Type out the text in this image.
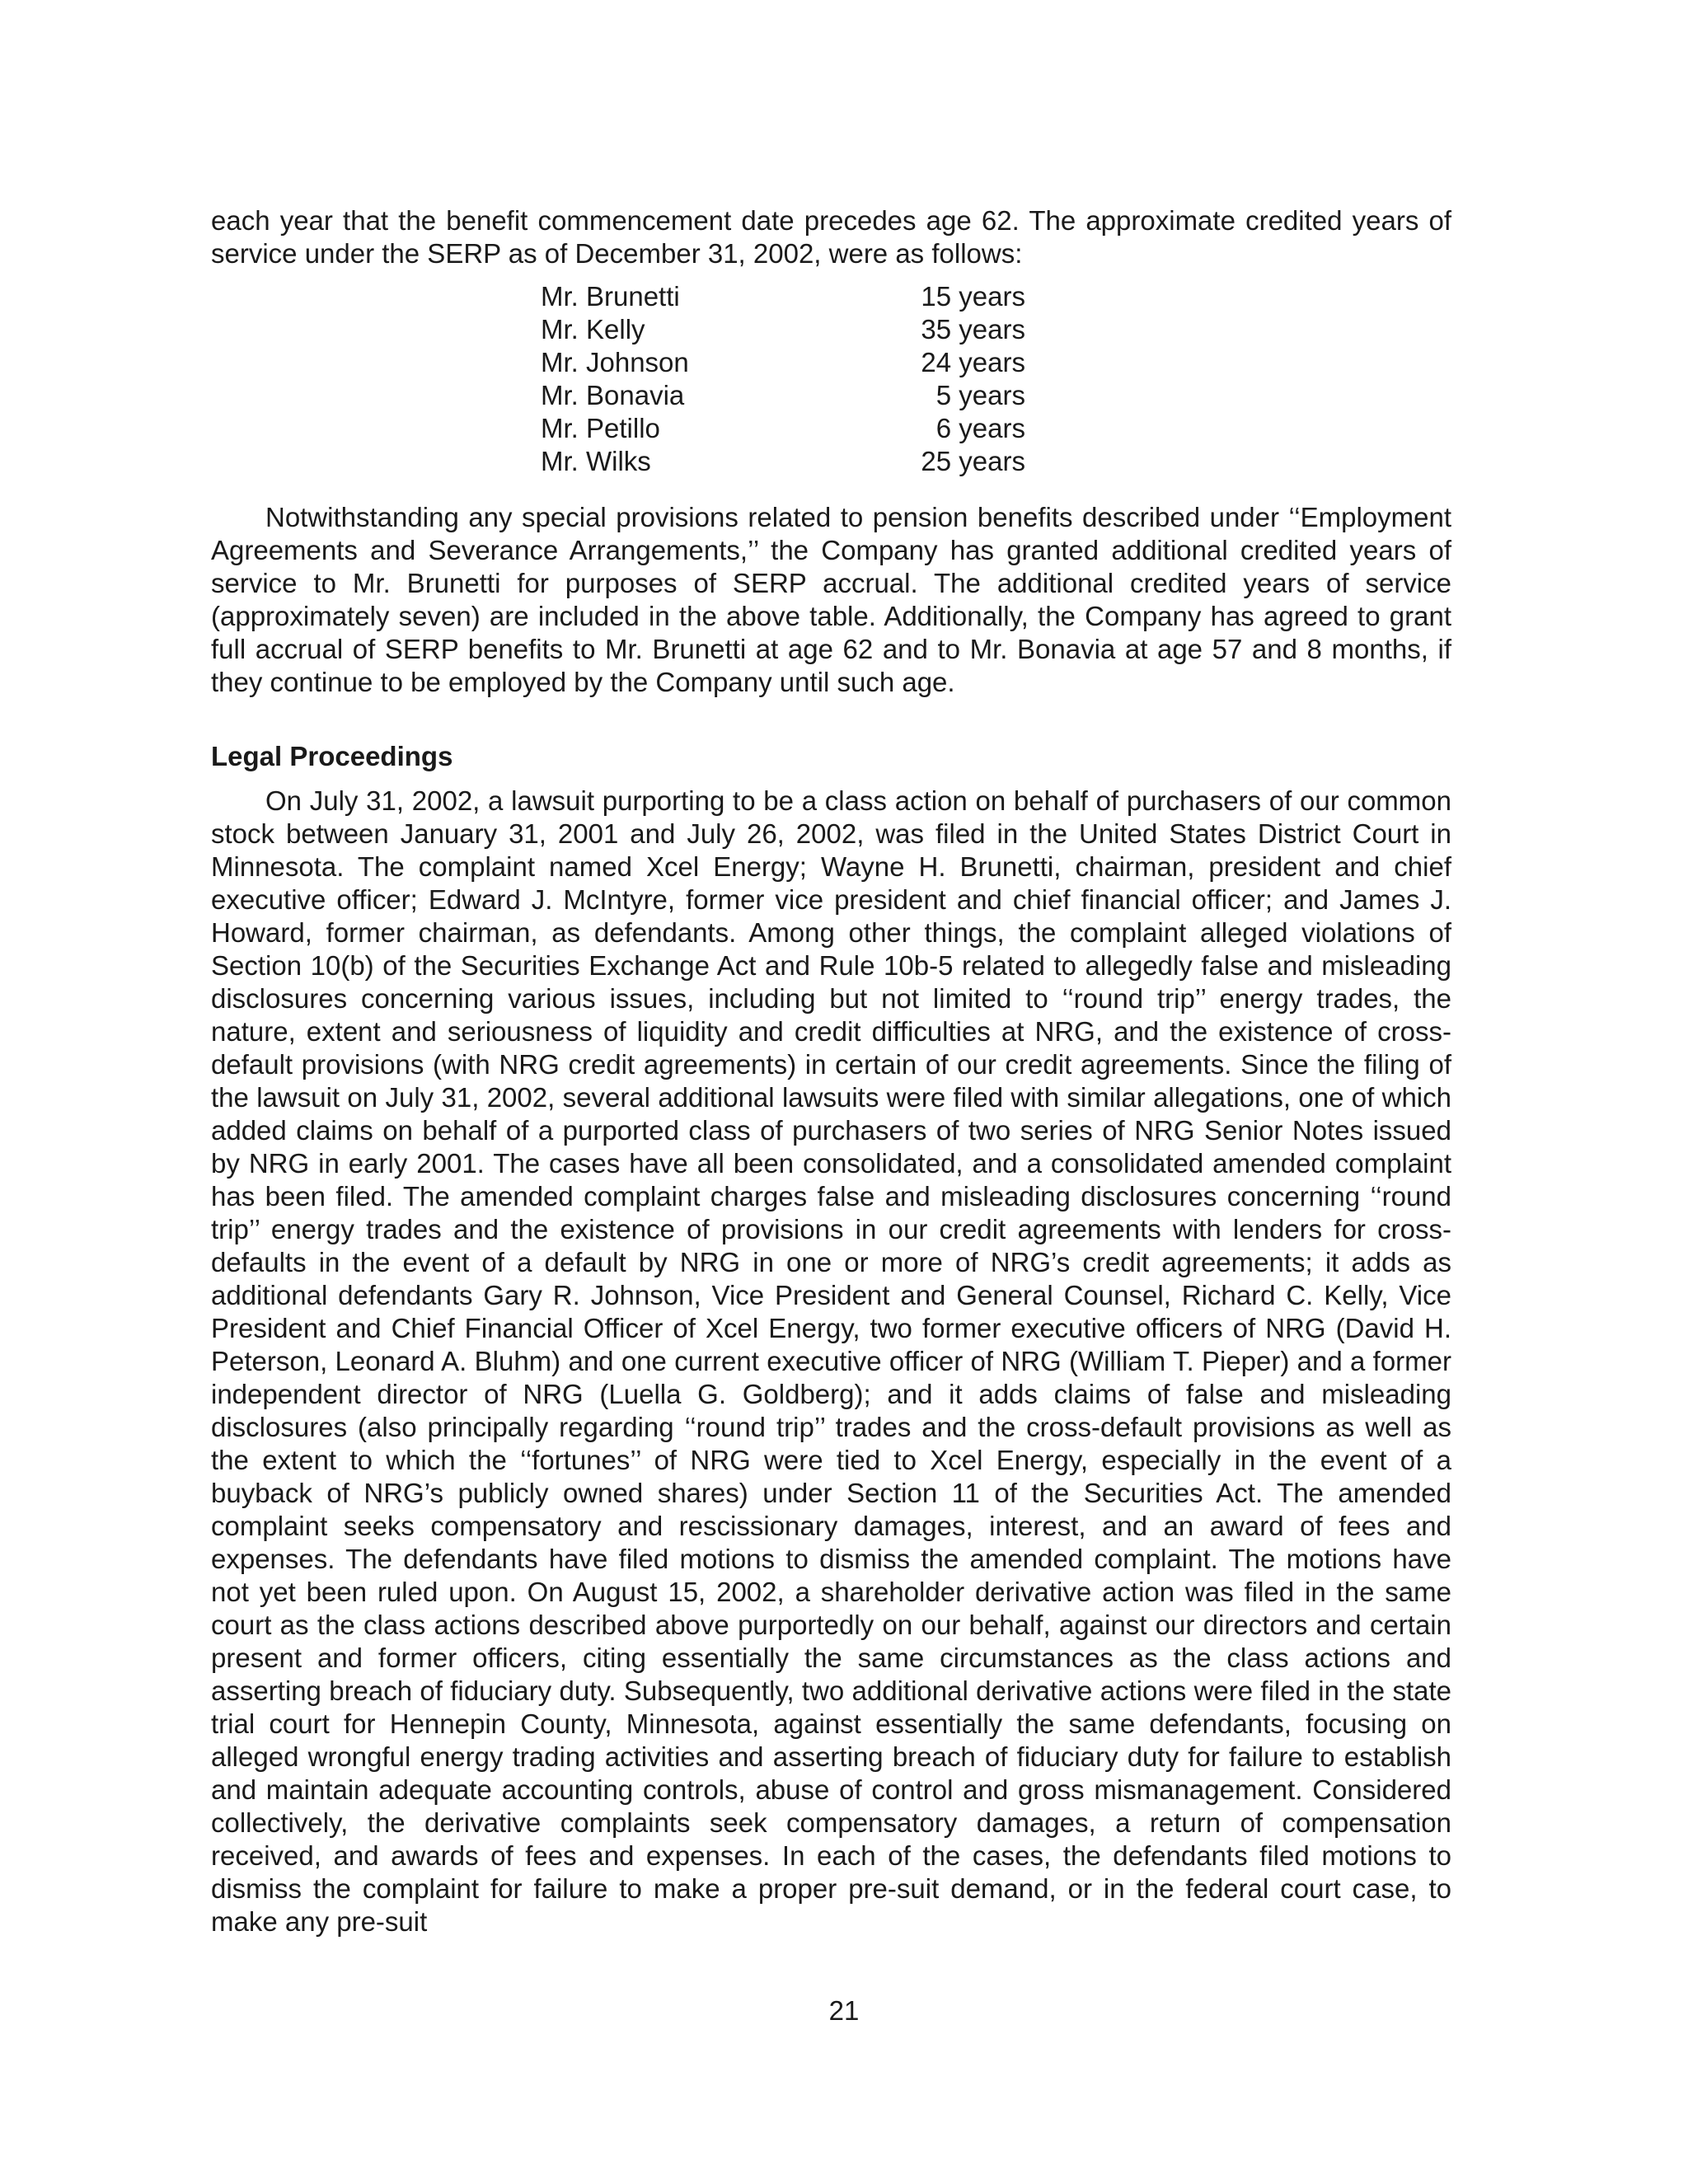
each year that the benefit commencement date precedes age 62. The approximate credited years of service under the SERP as of December 31, 2002, were as follows:

Mr. Brunetti	15 years
Mr. Kelly	35 years
Mr. Johnson	24 years
Mr. Bonavia	5 years
Mr. Petillo	6 years
Mr. Wilks	25 years

Notwithstanding any special provisions related to pension benefits described under ‘‘Employment Agreements and Severance Arrangements,’’ the Company has granted additional credited years of service to Mr. Brunetti for purposes of SERP accrual. The additional credited years of service (approximately seven) are included in the above table. Additionally, the Company has agreed to grant full accrual of SERP benefits to Mr. Brunetti at age 62 and to Mr. Bonavia at age 57 and 8 months, if they continue to be employed by the Company until such age.

Legal Proceedings

On July 31, 2002, a lawsuit purporting to be a class action on behalf of purchasers of our common stock between January 31, 2001 and July 26, 2002, was filed in the United States District Court in Minnesota. The complaint named Xcel Energy; Wayne H. Brunetti, chairman, president and chief executive officer; Edward J. McIntyre, former vice president and chief financial officer; and James J. Howard, former chairman, as defendants. Among other things, the complaint alleged violations of Section 10(b) of the Securities Exchange Act and Rule 10b-5 related to allegedly false and misleading disclosures concerning various issues, including but not limited to ‘‘round trip’’ energy trades, the nature, extent and seriousness of liquidity and credit difficulties at NRG, and the existence of cross-default provisions (with NRG credit agreements) in certain of our credit agreements. Since the filing of the lawsuit on July 31, 2002, several additional lawsuits were filed with similar allegations, one of which added claims on behalf of a purported class of purchasers of two series of NRG Senior Notes issued by NRG in early 2001. The cases have all been consolidated, and a consolidated amended complaint has been filed. The amended complaint charges false and misleading disclosures concerning ‘‘round trip’’ energy trades and the existence of provisions in our credit agreements with lenders for cross-defaults in the event of a default by NRG in one or more of NRG’s credit agreements; it adds as additional defendants Gary R. Johnson, Vice President and General Counsel, Richard C. Kelly, Vice President and Chief Financial Officer of Xcel Energy, two former executive officers of NRG (David H. Peterson, Leonard A. Bluhm) and one current executive officer of NRG (William T. Pieper) and a former independent director of NRG (Luella G. Goldberg); and it adds claims of false and misleading disclosures (also principally regarding ‘‘round trip’’ trades and the cross-default provisions as well as the extent to which the ‘‘fortunes’’ of NRG were tied to Xcel Energy, especially in the event of a buyback of NRG’s publicly owned shares) under Section 11 of the Securities Act. The amended complaint seeks compensatory and rescissionary damages, interest, and an award of fees and expenses. The defendants have filed motions to dismiss the amended complaint. The motions have not yet been ruled upon. On August 15, 2002, a shareholder derivative action was filed in the same court as the class actions described above purportedly on our behalf, against our directors and certain present and former officers, citing essentially the same circumstances as the class actions and asserting breach of fiduciary duty. Subsequently, two additional derivative actions were filed in the state trial court for Hennepin County, Minnesota, against essentially the same defendants, focusing on alleged wrongful energy trading activities and asserting breach of fiduciary duty for failure to establish and maintain adequate accounting controls, abuse of control and gross mismanagement. Considered collectively, the derivative complaints seek compensatory damages, a return of compensation received, and awards of fees and expenses. In each of the cases, the defendants filed motions to dismiss the complaint for failure to make a proper pre-suit demand, or in the federal court case, to make any pre-suit

21
